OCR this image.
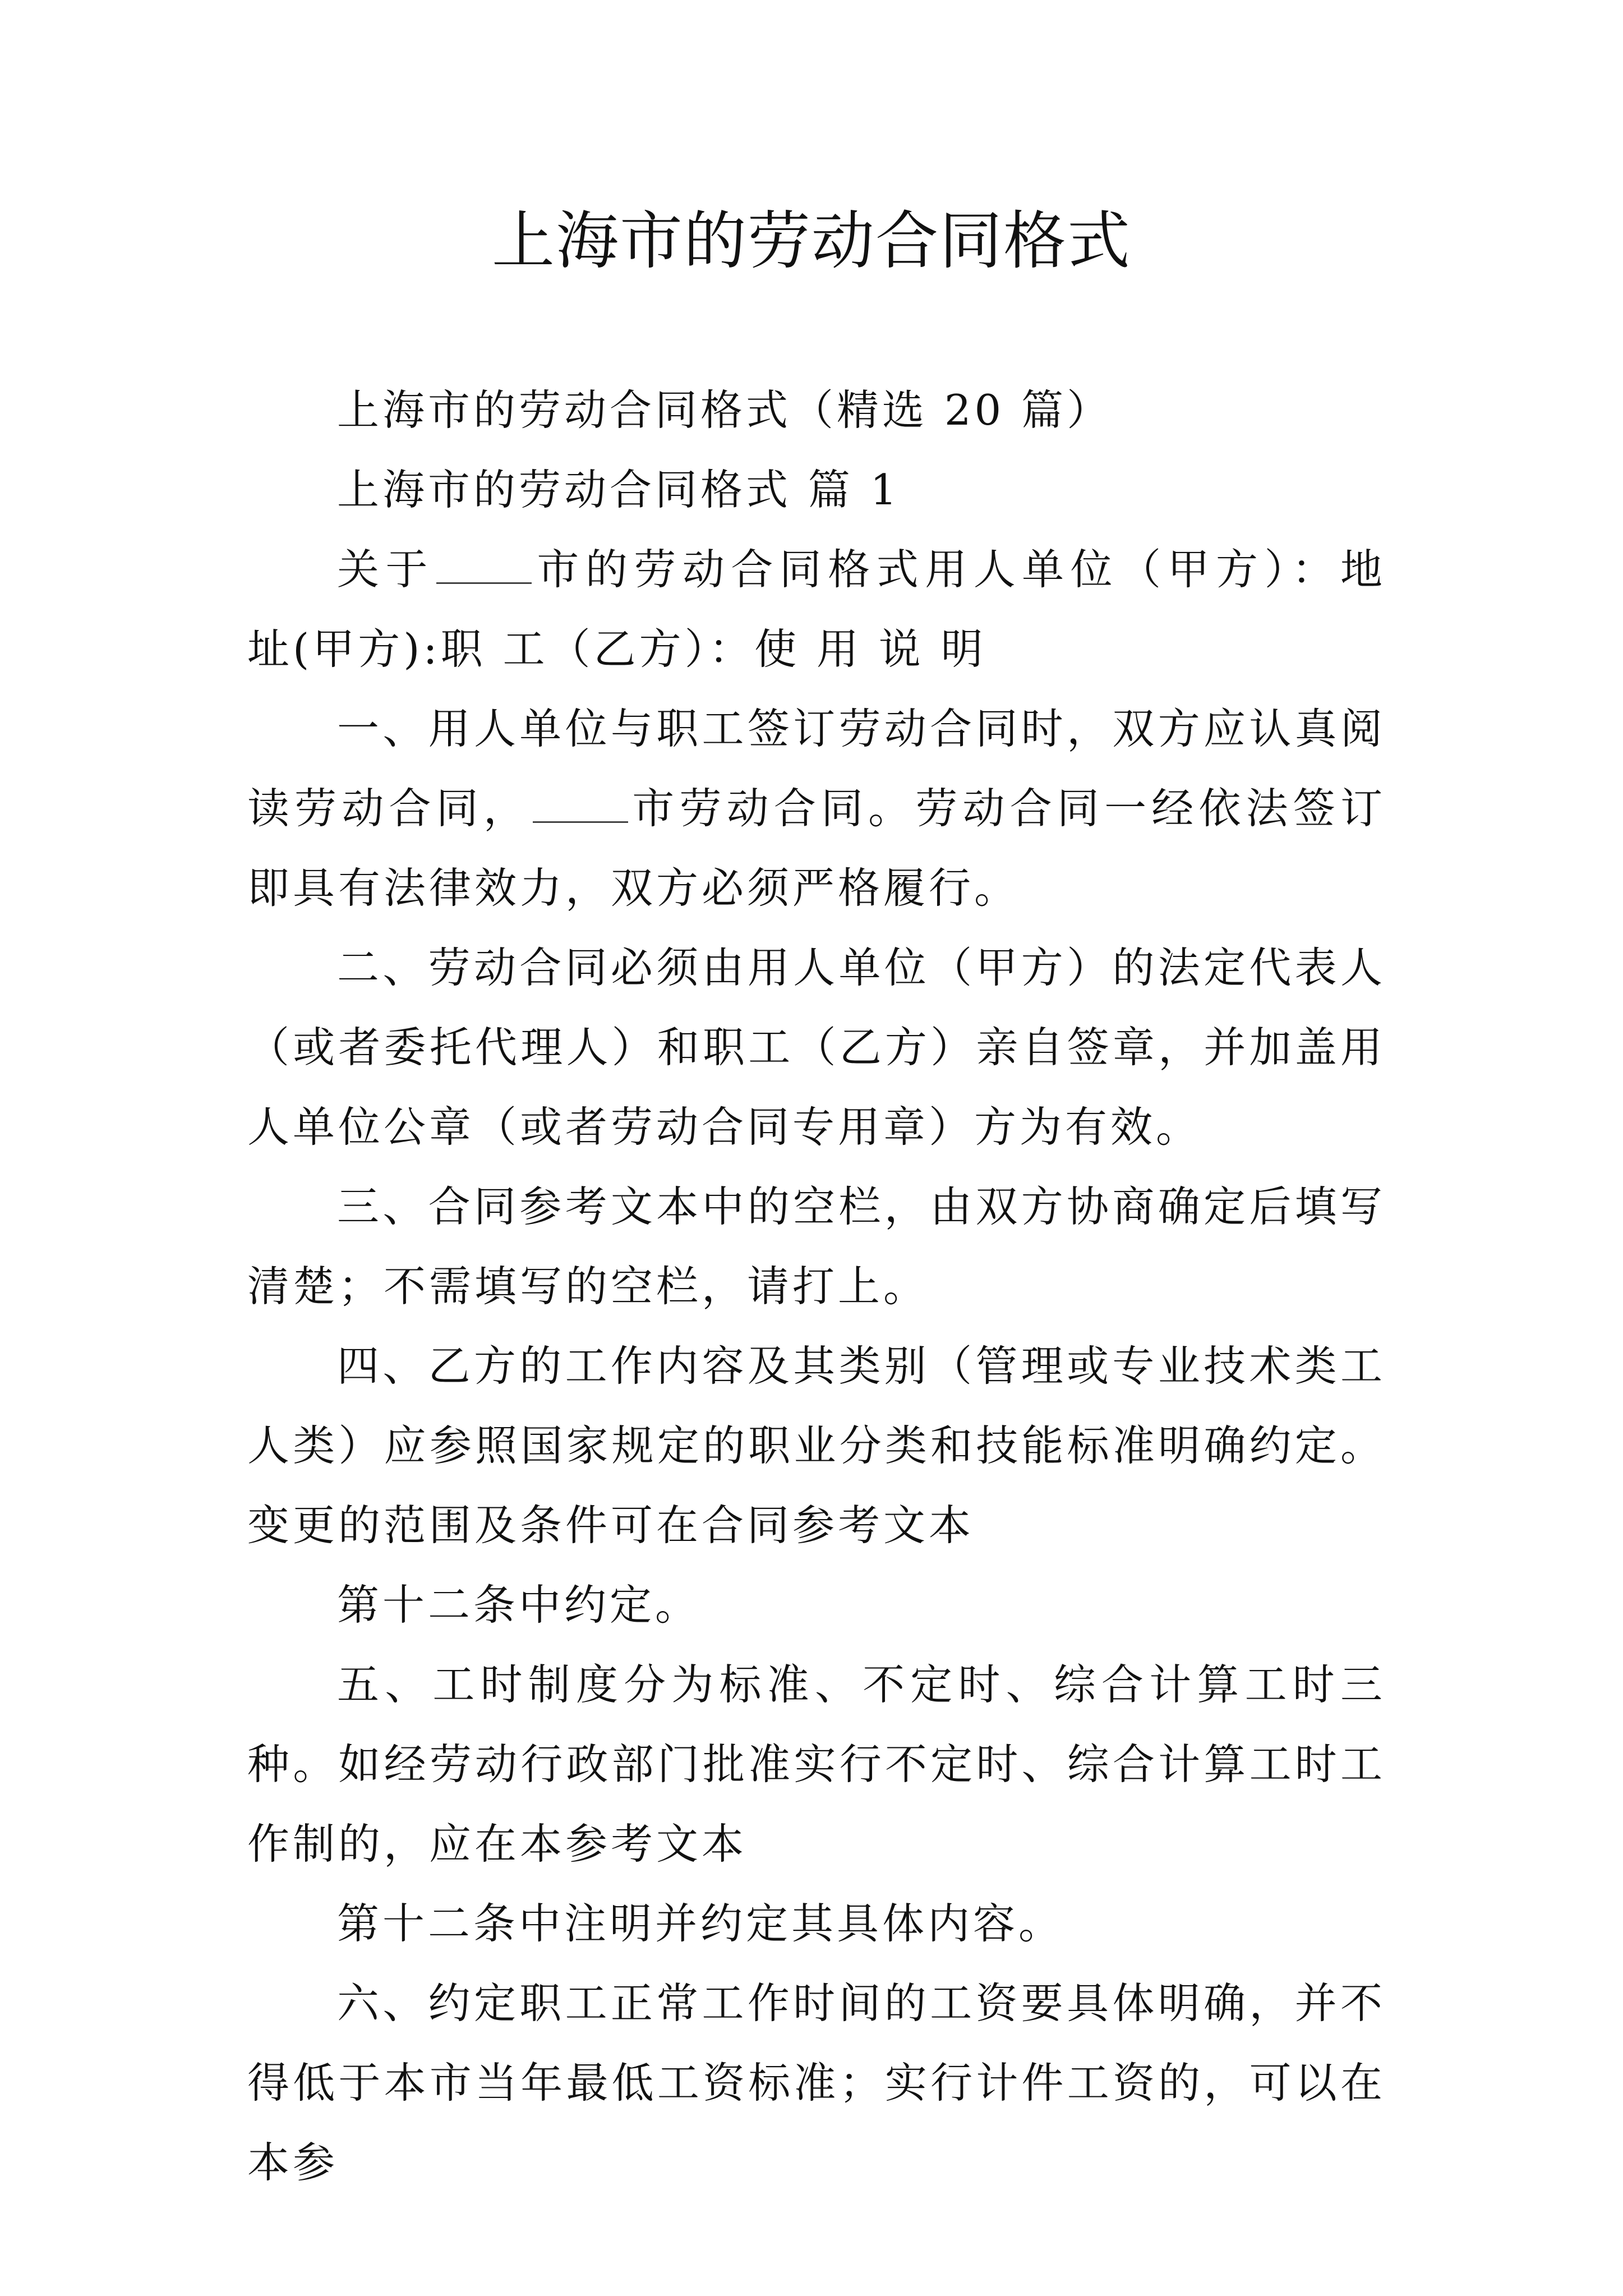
上海市的劳动合同格式

上海市的劳动合同格式（精选 20 篇）

上海市的劳动合同格式 篇 1

关于 市的劳动合同格式用人单位（甲方）：地 址(甲方):职 工（乙方）：使 用 说 明

一、用人单位与职工签订劳动合同时，双方应认真阅读劳动合同， 市劳动合同。劳动合同一经依法签订即具有法律效力，双方必须严格履行。

二、劳动合同必须由用人单位（甲方）的法定代表人（或者委托代理人）和职工（乙方）亲自签章，并加盖用人单位公章（或者劳动合同专用章）方为有效。

三、合同参考文本中的空栏，由双方协商确定后填写清楚；不需填写的空栏，请打上。

四、乙方的工作内容及其类别（管理或专业技术类工人类）应参照国家规定的职业分类和技能标准明确约定。变更的范围及条件可在合同参考文本

第十二条中约定。

五、工时制度分为标准、不定时、综合计算工时三种。如经劳动行政部门批准实行不定时、综合计算工时工作制的，应在本参考文本

第十二条中注明并约定其具体内容。

六、约定职工正常工作时间的工资要具体明确，并不得低于本市当年最低工资标准；实行计件工资的，可以在本参
